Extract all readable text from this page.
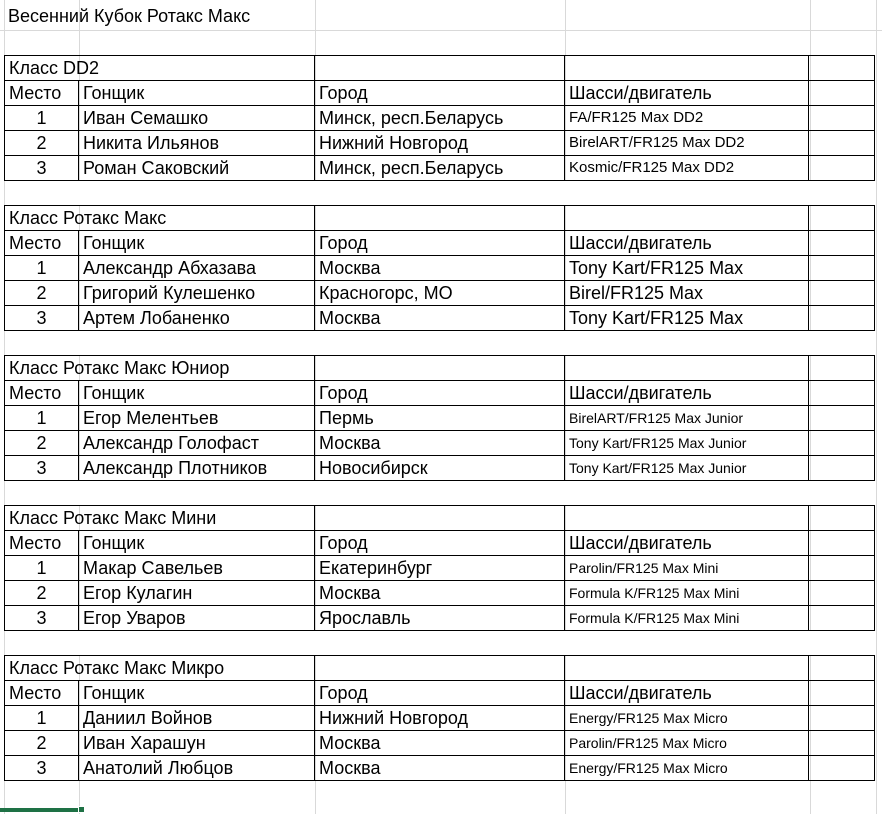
Весенний Кубок Ротакс Макс
Класс DD2				
Место	Гонщик	Город	Шасси/двигатель	
1	Иван Семашко	Минск, респ.Беларусь	FA/FR125 Max DD2	
2	Никита Ильянов	Нижний Новгород	BirelART/FR125 Max DD2	
3	Роман Саковский	Минск, респ.Беларусь	Kosmic/FR125 Max DD2	

Класс Ротакс Макс				
Место	Гонщик	Город	Шасси/двигатель	
1	Александр Абхазава	Москва	Tony Kart/FR125 Max	
2	Григорий Кулешенко	Красногорс, МО	Birel/FR125 Max	
3	Артем Лобаненко	Москва	Tony Kart/FR125 Max	

Класс Ротакс Макс Юниор				
Место	Гонщик	Город	Шасси/двигатель	
1	Егор Мелентьев	Пермь	BirelART/FR125 Max Junior	
2	Александр Голофаст	Москва	Tony Kart/FR125 Max Junior	
3	Александр Плотников	Новосибирск	Tony Kart/FR125 Max Junior	

Класс Ротакс Макс Мини				
Место	Гонщик	Город	Шасси/двигатель	
1	Макар Савельев	Екатеринбург	Parolin/FR125 Max Mini	
2	Егор Кулагин	Москва	Formula K/FR125 Max Mini	
3	Егор Уваров	Ярославль	Formula K/FR125 Max Mini	

Класс Ротакс Макс Микро				
Место	Гонщик	Город	Шасси/двигатель	
1	Даниил Войнов	Нижний Новгород	Energy/FR125 Max Micro	
2	Иван Харашун	Москва	Parolin/FR125 Max Micro	
3	Анатолий Любцов	Москва	Energy/FR125 Max Micro	
